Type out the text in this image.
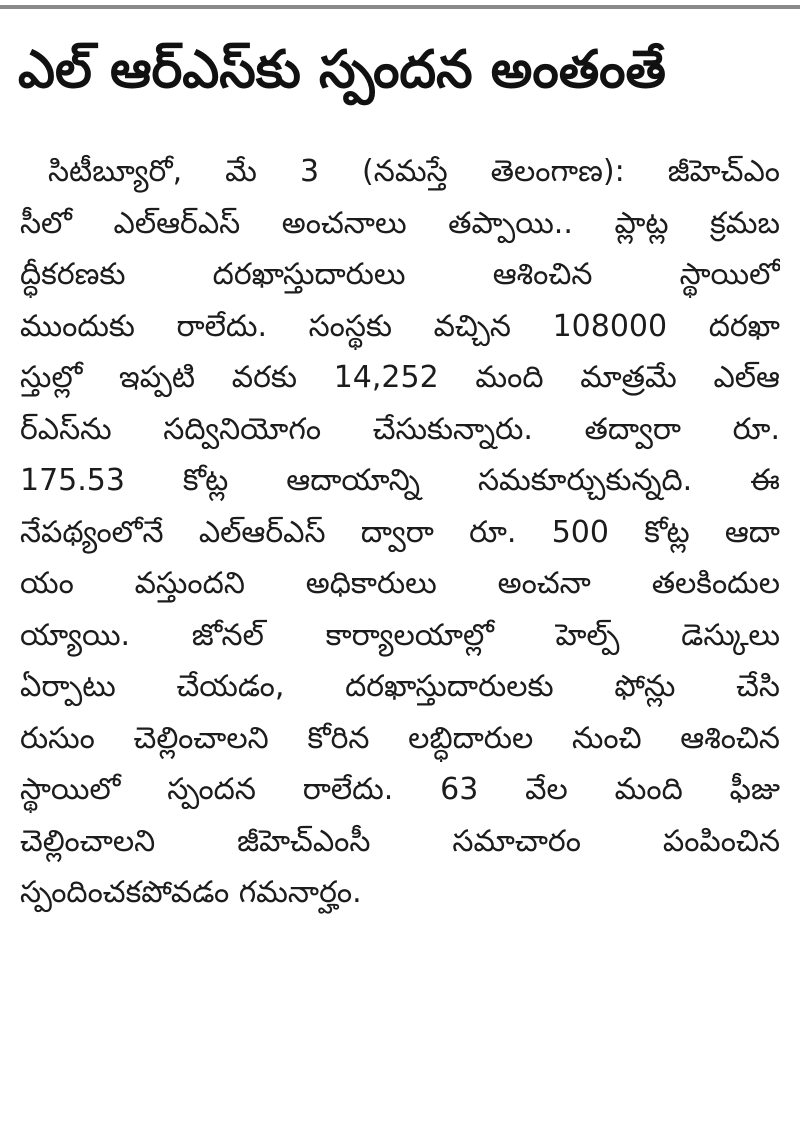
ఎల్ ఆర్ఎస్‌కు స్పందన అంతంతే
సిటీబ్యూరో, మే 3 (నమస్తే తెలంగాణ): జీహెచ్ఎం
సీలో ఎల్ఆర్ఎస్ అంచనాలు తప్పాయి.. ప్లాట్ల క్రమబ
ద్ధీకరణకు దరఖాస్తుదారులు ఆశించిన స్థాయిలో
ముందుకు రాలేదు. సంస్థకు వచ్చిన 108000 దరఖా
స్తుల్లో ఇప్పటి వరకు 14,252 మంది మాత్రమే ఎల్ఆ
ర్ఎస్‌ను సద్వినియోగం చేసుకున్నారు. తద్వారా రూ.
175.53 కోట్ల ఆదాయాన్ని సమకూర్చుకున్నది. ఈ
నేపథ్యంలోనే ఎల్ఆర్ఎస్ ద్వారా రూ. 500 కోట్ల ఆదా
యం వస్తుందని అధికారులు అంచనా తలకిందుల
య్యాయి. జోనల్ కార్యాలయాల్లో హెల్ప్ డెస్కులు
ఏర్పాటు చేయడం, దరఖాస్తుదారులకు ఫోన్లు చేసి
రుసుం చెల్లించాలని కోరిన లబ్ధిదారుల నుంచి ఆశించిన
స్థాయిలో స్పందన రాలేదు. 63 వేల మంది ఫీజు
చెల్లించాలని జీహెచ్ఎంసీ సమాచారం పంపించిన
స్పందించకపోవడం గమనార్హం.
